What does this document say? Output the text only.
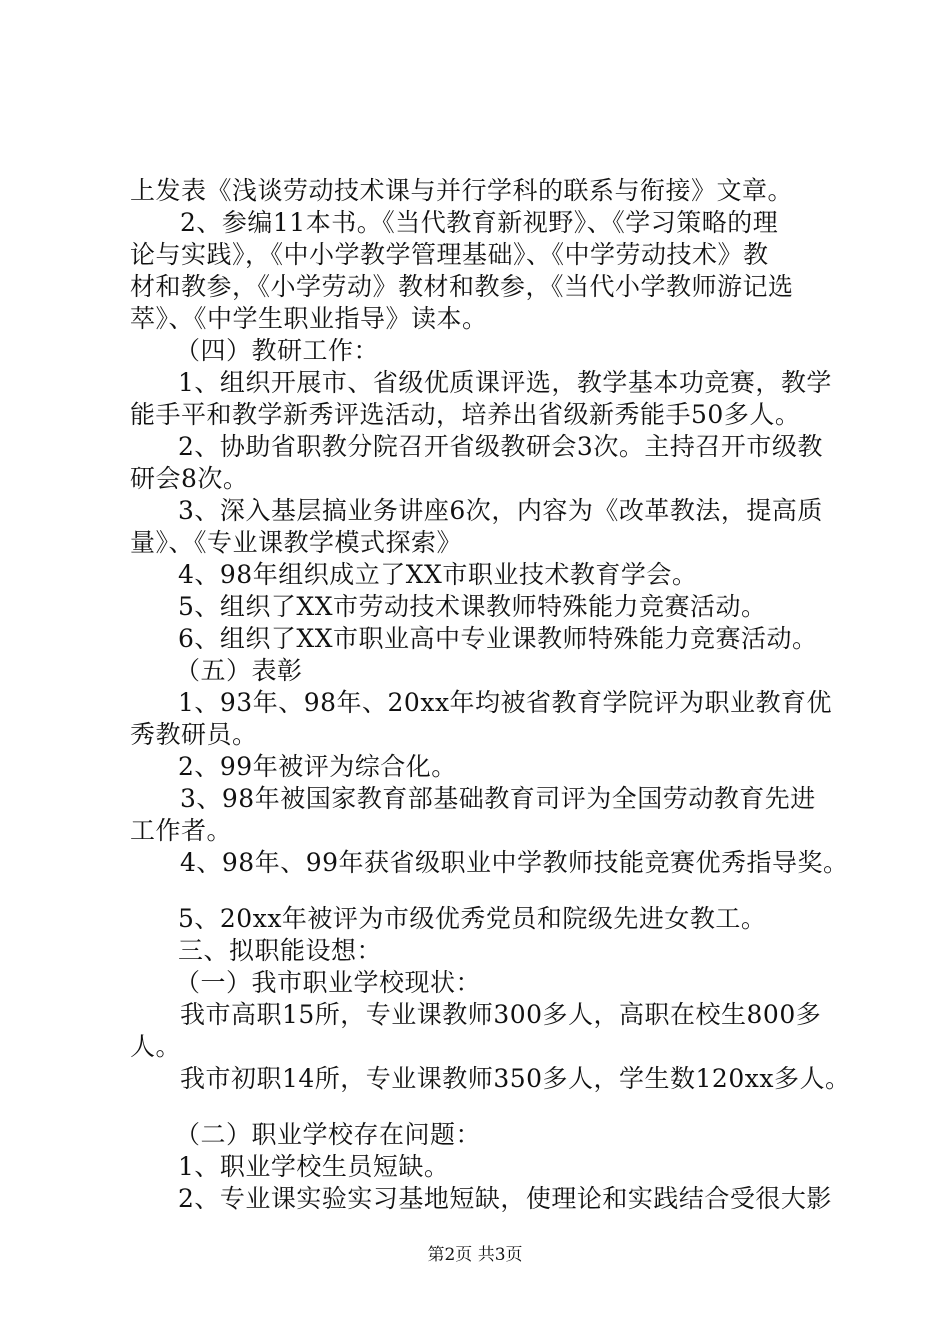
上发表《浅谈劳动技术课与并行学科的联系与衔接》文章。
2、参编11本书。《当代教育新视野》、《学习策略的理
论与实践》，《中小学教学管理基础》、《中学劳动技术》教
材和教参，《小学劳动》教材和教参，《当代小学教师游记选
萃》、《中学生职业指导》读本。
（四）教研工作：
1、组织开展市、省级优质课评选，教学基本功竞赛，教学
能手平和教学新秀评选活动，培养出省级新秀能手50多人。
2、协助省职教分院召开省级教研会3次。主持召开市级教
研会8次。
3、深入基层搞业务讲座6次，内容为《改革教法，提高质
量》、《专业课教学模式探索》
4、98年组织成立了XX市职业技术教育学会。
5、组织了XX市劳动技术课教师特殊能力竞赛活动。
6、组织了XX市职业高中专业课教师特殊能力竞赛活动。
（五）表彰
1、93年、98年、20xx年均被省教育学院评为职业教育优
秀教研员。
2、99年被评为综合化。
3、98年被国家教育部基础教育司评为全国劳动教育先进
工作者。
4、98年、99年获省级职业中学教师技能竞赛优秀指导奖。
5、20xx年被评为市级优秀党员和院级先进女教工。
三、拟职能设想：
（一）我市职业学校现状：
我市高职15所，专业课教师300多人，高职在校生800多
人。
我市初职14所，专业课教师350多人，学生数120xx多人。
（二）职业学校存在问题：
1、职业学校生员短缺。
2、专业课实验实习基地短缺，使理论和实践结合受很大影
第2页 共3页
